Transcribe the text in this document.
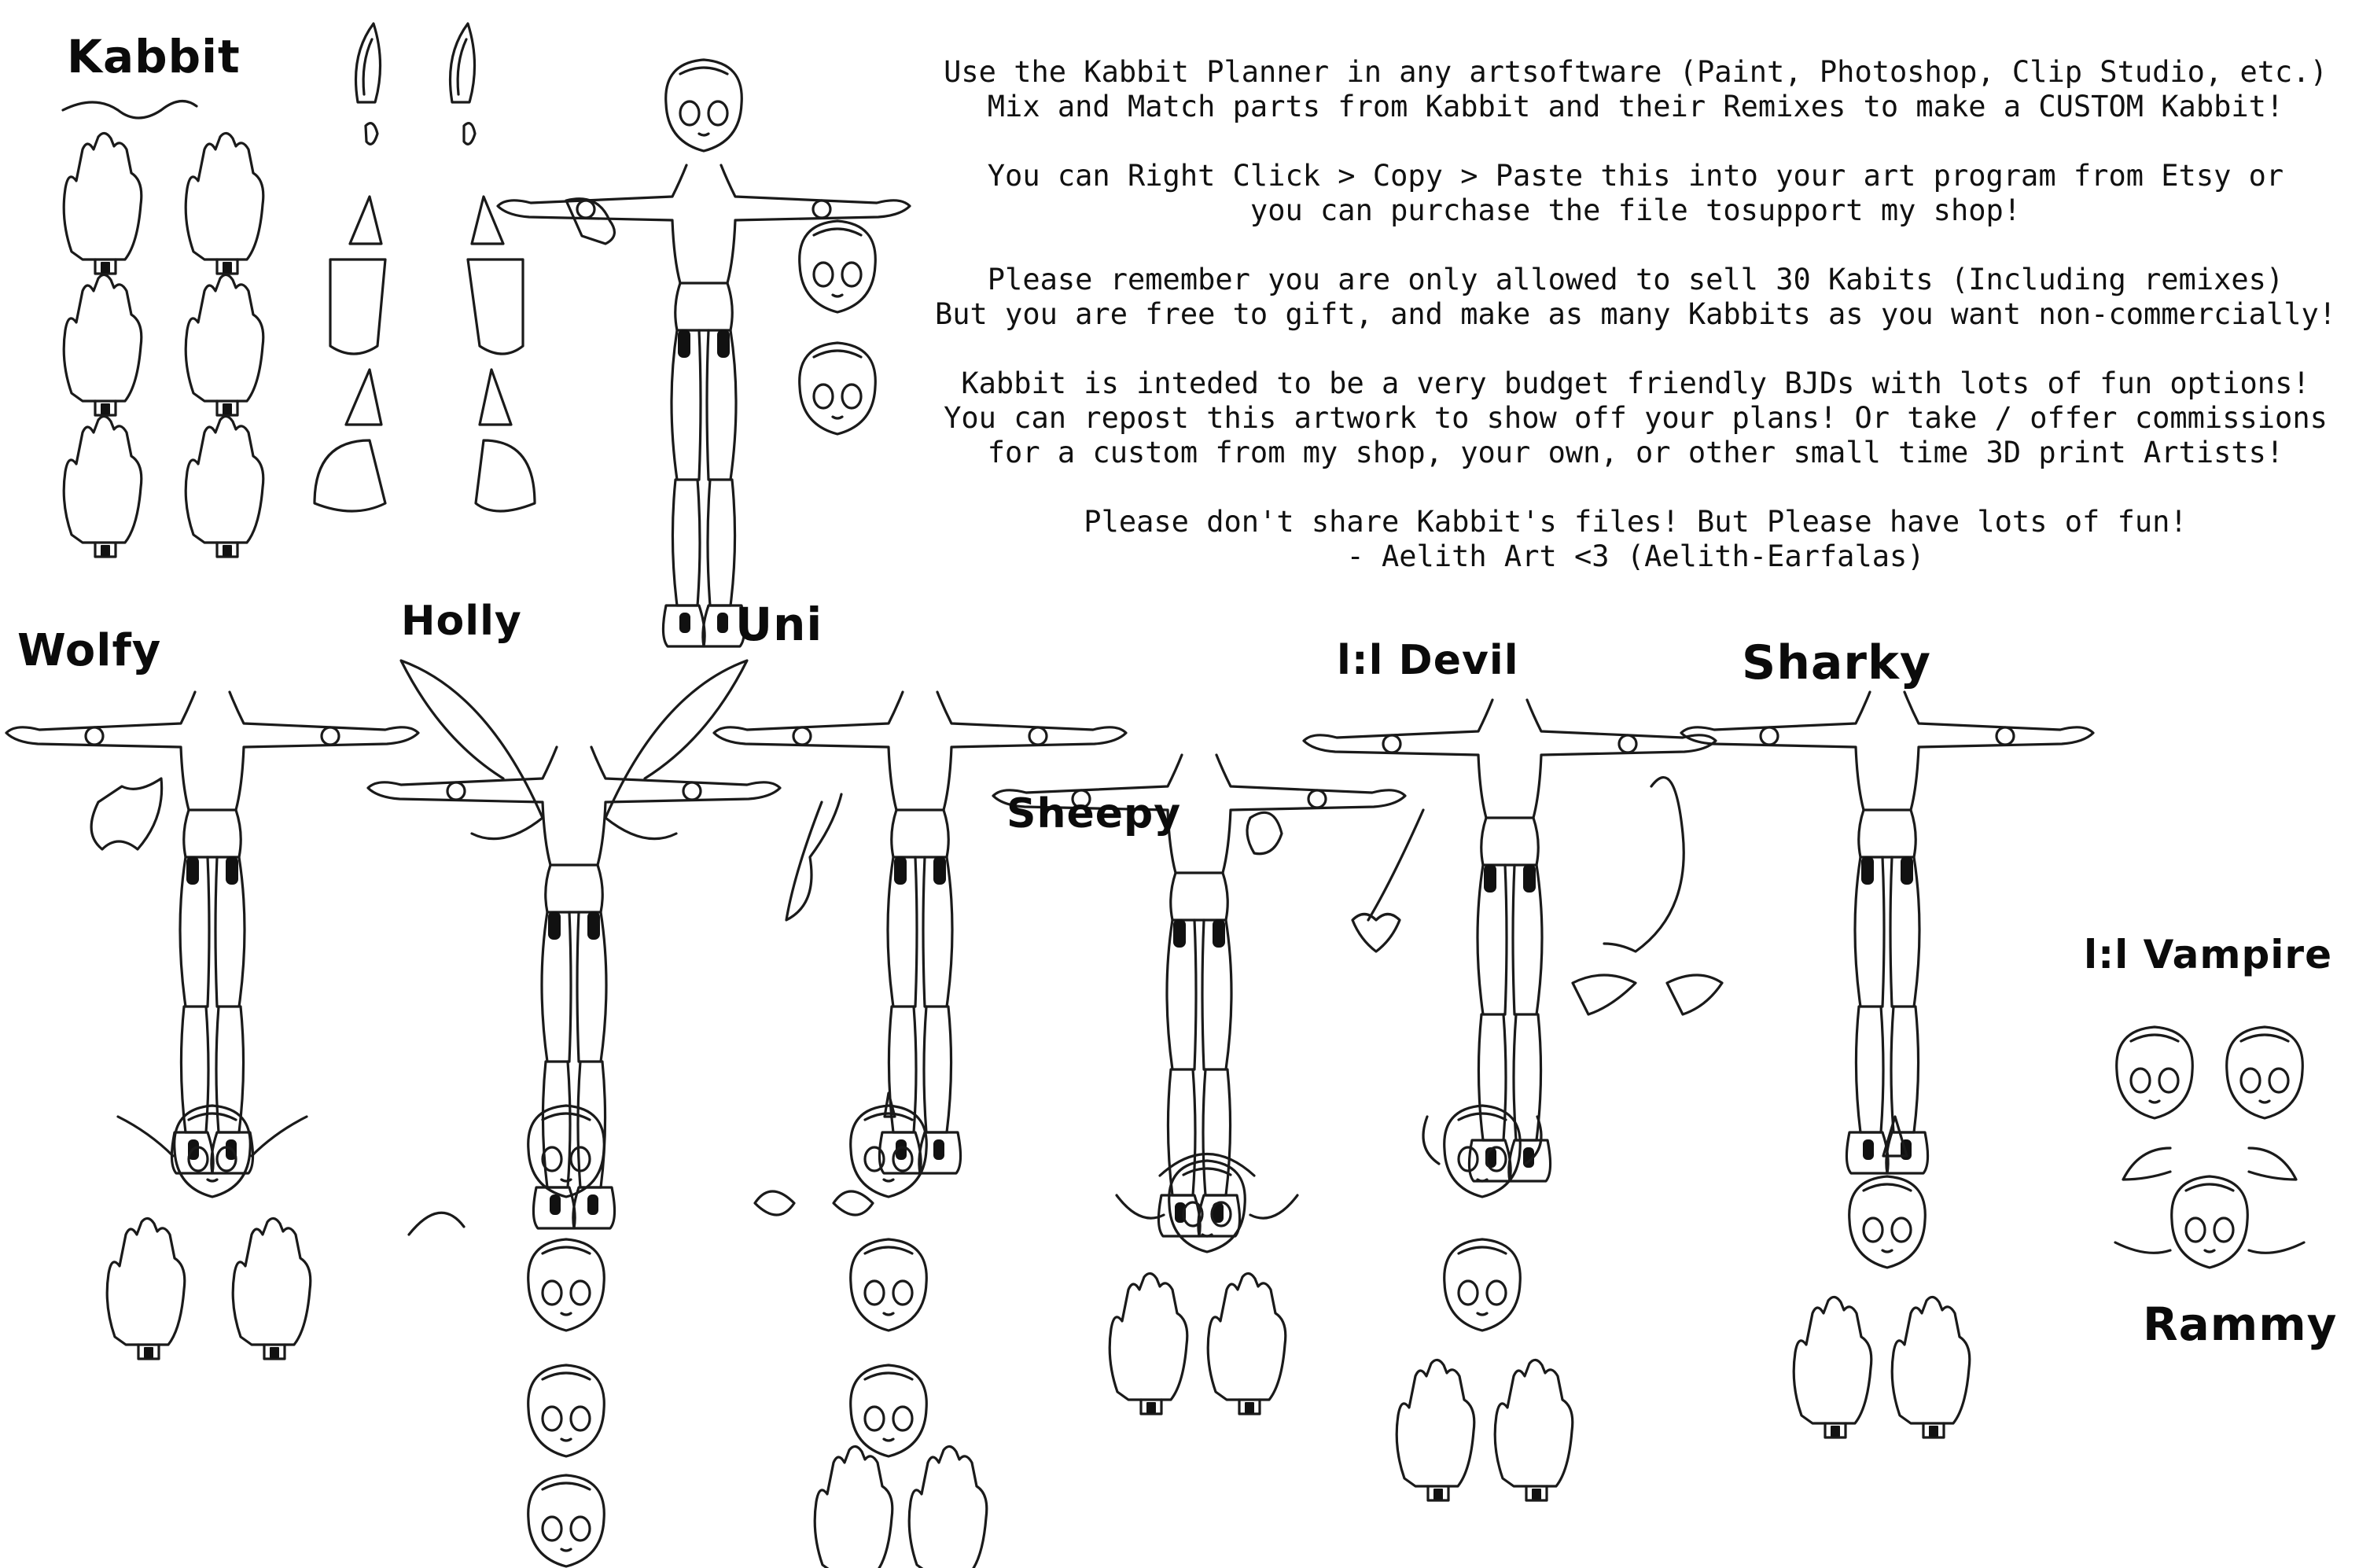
Kabbit	Use the Kabbit Planner in any artsoftware (Paint, Photoshop, Clip Studio, etc.)
Mix and Match parts from Kabbit and their Remixes to make a CUSTOM Kabbit!

You can Right Click > Copy > Paste this into your art program from Etsy or
you can purchase the file tosupport my shop!

Please remember you are only allowed to sell 30 Kabits (Including remixes)
But you are free to gift, and make as many Kabbits as you want non-commercially!

Kabbit is inteded to be a very budget friendly BJDs with lots of fun options!
You can repost this artwork to show off your plans! Or take / offer commissions
for a custom from my shop, your own, or other small time 3D print Artists!

Please don't share Kabbit's files! But Please have lots of fun!
- Aelith Art <3 (Aelith-Earfalas)

Wolfy
Holly	Uni
Sheepy
l:l Devil	Sharky
l:l Vampire
Rammy
